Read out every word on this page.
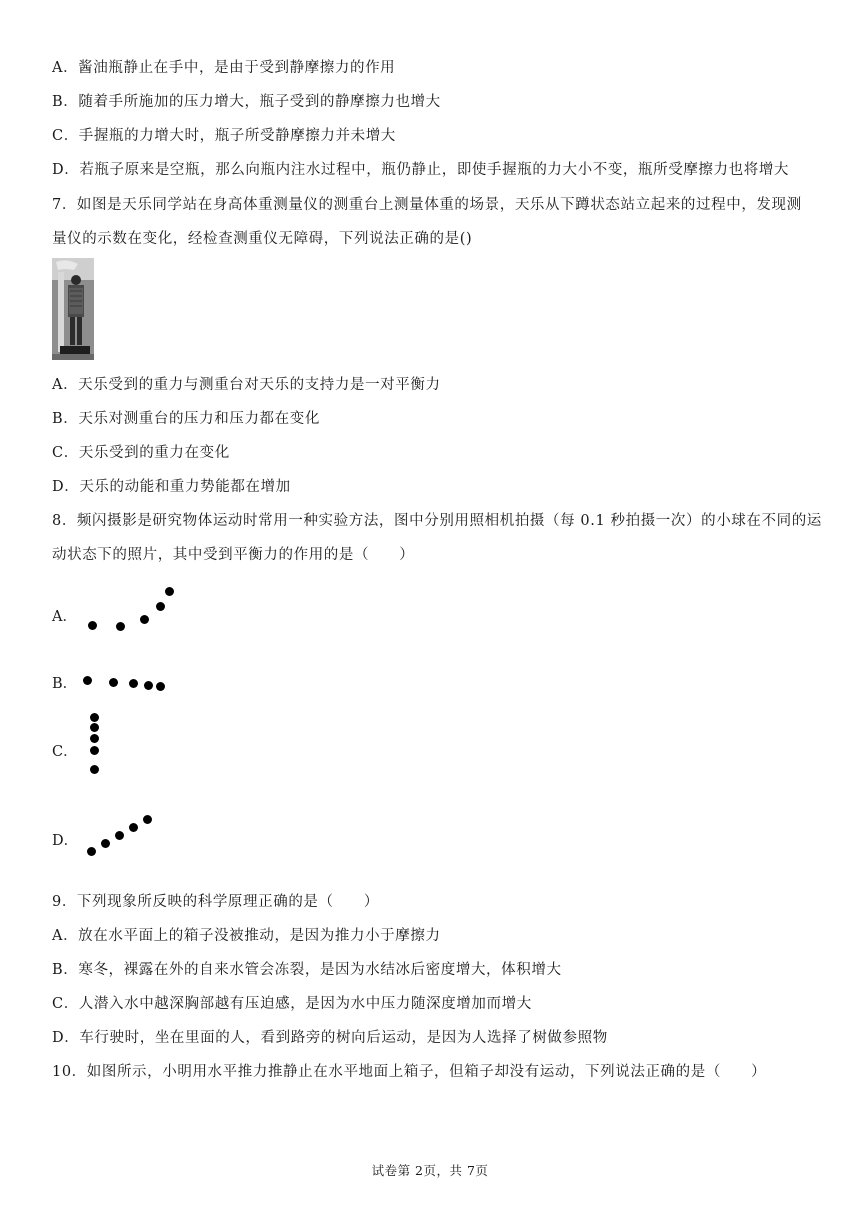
A．酱油瓶静止在手中，是由于受到静摩擦力的作用
B．随着手所施加的压力增大，瓶子受到的静摩擦力也增大
C．手握瓶的力增大时，瓶子所受静摩擦力并未增大
D．若瓶子原来是空瓶，那么向瓶内注水过程中，瓶仍静止，即使手握瓶的力大小不变，瓶所受摩擦力也将增大
7．如图是天乐同学站在身高体重测量仪的测重台上测量体重的场景，天乐从下蹲状态站立起来的过程中，发现测
量仪的示数在变化，经检查测重仪无障碍，下列说法正确的是()
A．天乐受到的重力与测重台对天乐的支持力是一对平衡力
B．天乐对测重台的压力和压力都在变化
C．天乐受到的重力在变化
D．天乐的动能和重力势能都在增加
8．频闪摄影是研究物体运动时常用一种实验方法，图中分别用照相机拍摄（每 0.1 秒拍摄一次）的小球在不同的运
动状态下的照片，其中受到平衡力的作用的是（　　）
A．
B．
C．
D．
9．下列现象所反映的科学原理正确的是（　　）
A．放在水平面上的箱子没被推动，是因为推力小于摩擦力
B．寒冬，裸露在外的自来水管会冻裂，是因为水结冰后密度增大，体积增大
C．人潜入水中越深胸部越有压迫感，是因为水中压力随深度增加而增大
D．车行驶时，坐在里面的人，看到路旁的树向后运动，是因为人选择了树做参照物
10．如图所示，小明用水平推力推静止在水平地面上箱子，但箱子却没有运动，下列说法正确的是（　　）
试卷第 2页，共 7页
